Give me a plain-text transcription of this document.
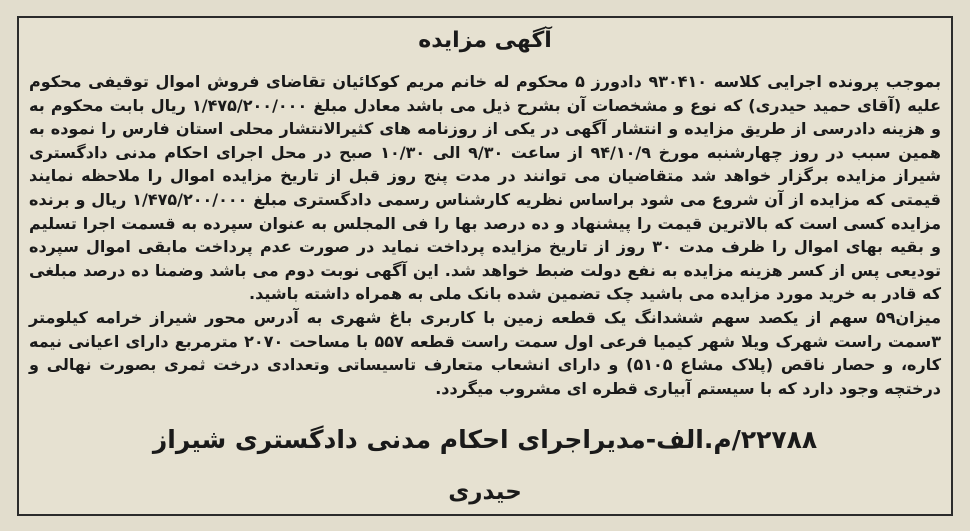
آگهی مزایده

بموجب پرونده اجرایی کلاسه ۹۳۰۴۱۰ دادورز ۵ محکوم له خانم مریم کوکائیان تقاضای فروش اموال توقیفی محکوم علیه (آقای حمید حیدری) که نوع و مشخصات آن بشرح ذیل می باشد معادل مبلغ ۱/۴۷۵/۲۰۰/۰۰۰ ریال بابت محکوم به و هزینه دادرسی از طریق مزایده و انتشار آگهی در یکی از روزنامه های کثیرالانتشار محلی استان فارس را نموده به همین سبب در روز چهارشنبه مورخ ۹۴/۱۰/۹ از ساعت ۹/۳۰ الی ۱۰/۳۰ صبح در محل اجرای احکام مدنی دادگستری شیراز مزایده برگزار خواهد شد متقاضیان می توانند در مدت پنج روز قبل از تاریخ مزایده اموال را ملاحظه نمایند قیمتی که مزایده از آن شروع می شود براساس نظریه کارشناس رسمی دادگستری مبلغ ۱/۴۷۵/۲۰۰/۰۰۰ ریال و برنده مزایده کسی است که بالاترین قیمت را پیشنهاد و ده درصد بها را فی المجلس به عنوان سپرده به قسمت اجرا تسلیم و بقیه بهای اموال را ظرف مدت ۳۰ روز از تاریخ مزایده پرداخت نماید در صورت عدم پرداخت مابقی اموال سپرده تودیعی پس از کسر هزینه مزایده به نفع دولت ضبط خواهد شد. این آگهی نوبت دوم می باشد وضمنا ده درصد مبلغی که قادر به خرید مورد مزایده می باشید چک تضمین شده بانک ملی به همراه داشته باشید.

میزان۵۹ سهم از یکصد سهم ششدانگ یک قطعه زمین با کاربری باغ شهری به آدرس محور شیراز خرامه کیلومتر ۳سمت راست شهرک ویلا شهر کیمیا فرعی اول سمت راست قطعه ۵۵۷ با مساحت ۲۰۷۰ مترمربع دارای اعیانی نیمه کاره، و حصار ناقص (پلاک مشاع ۵۱۰۵) و دارای انشعاب متعارف تاسیساتی وتعدادی درخت ثمری بصورت نهالی و درختچه وجود دارد که با سیستم آبیاری قطره ای مشروب میگردد.

۲۲۷۸۸/م.الف-مدیراجرای احکام مدنی دادگستری شیراز
حیدری
